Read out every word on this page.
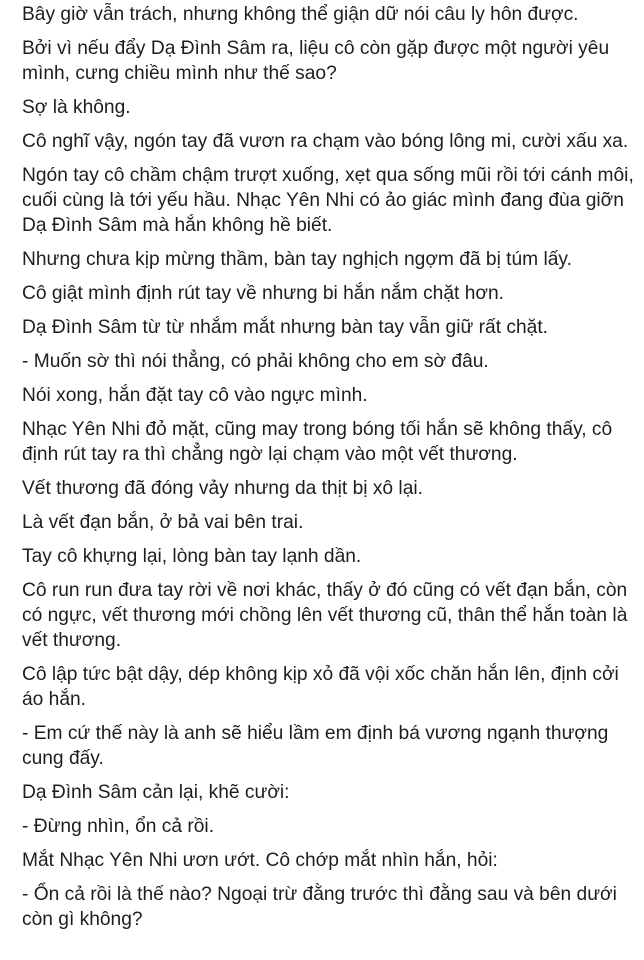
Bây giờ vẫn trách, nhưng không thể giận dữ nói câu ly hôn được.

Bởi vì nếu đẩy Dạ Đình Sâm ra, liệu cô còn gặp được một người yêu mình, cưng chiều mình như thế sao?

Sợ là không.

Cô nghĩ vậy, ngón tay đã vươn ra chạm vào bóng lông mi, cười xấu xa.

Ngón tay cô chầm chậm trượt xuống, xẹt qua sống mũi rồi tới cánh môi, cuối cùng là tới yếu hầu. Nhạc Yên Nhi có ảo giác mình đang đùa giỡn Dạ Đình Sâm mà hắn không hề biết.

Nhưng chưa kịp mừng thầm, bàn tay nghịch ngợm đã bị túm lấy.

Cô giật mình định rút tay về nhưng bi hắn nắm chặt hơn.

Dạ Đình Sâm từ từ nhắm mắt nhưng bàn tay vẫn giữ rất chặt.

- Muốn sờ thì nói thẳng, có phải không cho em sờ đâu.

Nói xong, hắn đặt tay cô vào ngực mình.

Nhạc Yên Nhi đỏ mặt, cũng may trong bóng tối hắn sẽ không thấy, cô định rút tay ra thì chẳng ngờ lại chạm vào một vết thương.

Vết thương đã đóng vảy nhưng da thịt bị xô lại.

Là vết đạn bắn, ở bả vai bên trai.

Tay cô khựng lại, lòng bàn tay lạnh dần.

Cô run run đưa tay rời về nơi khác, thấy ở đó cũng có vết đạn bắn, còn có ngực, vết thương mới chồng lên vết thương cũ, thân thể hắn toàn là vết thương.

Cô lập tức bật dậy, dép không kịp xỏ đã vội xốc chăn hắn lên, định cởi áo hắn.

- Em cứ thế này là anh sẽ hiểu lầm em định bá vương ngạnh thượng cung đấy.

Dạ Đình Sâm cản lại, khẽ cười:

- Đừng nhìn, ổn cả rồi.

Mắt Nhạc Yên Nhi ươn ướt. Cô chớp mắt nhìn hắn, hỏi:

- Ổn cả rồi là thế nào? Ngoại trừ đằng trước thì đằng sau và bên dưới còn gì không?
